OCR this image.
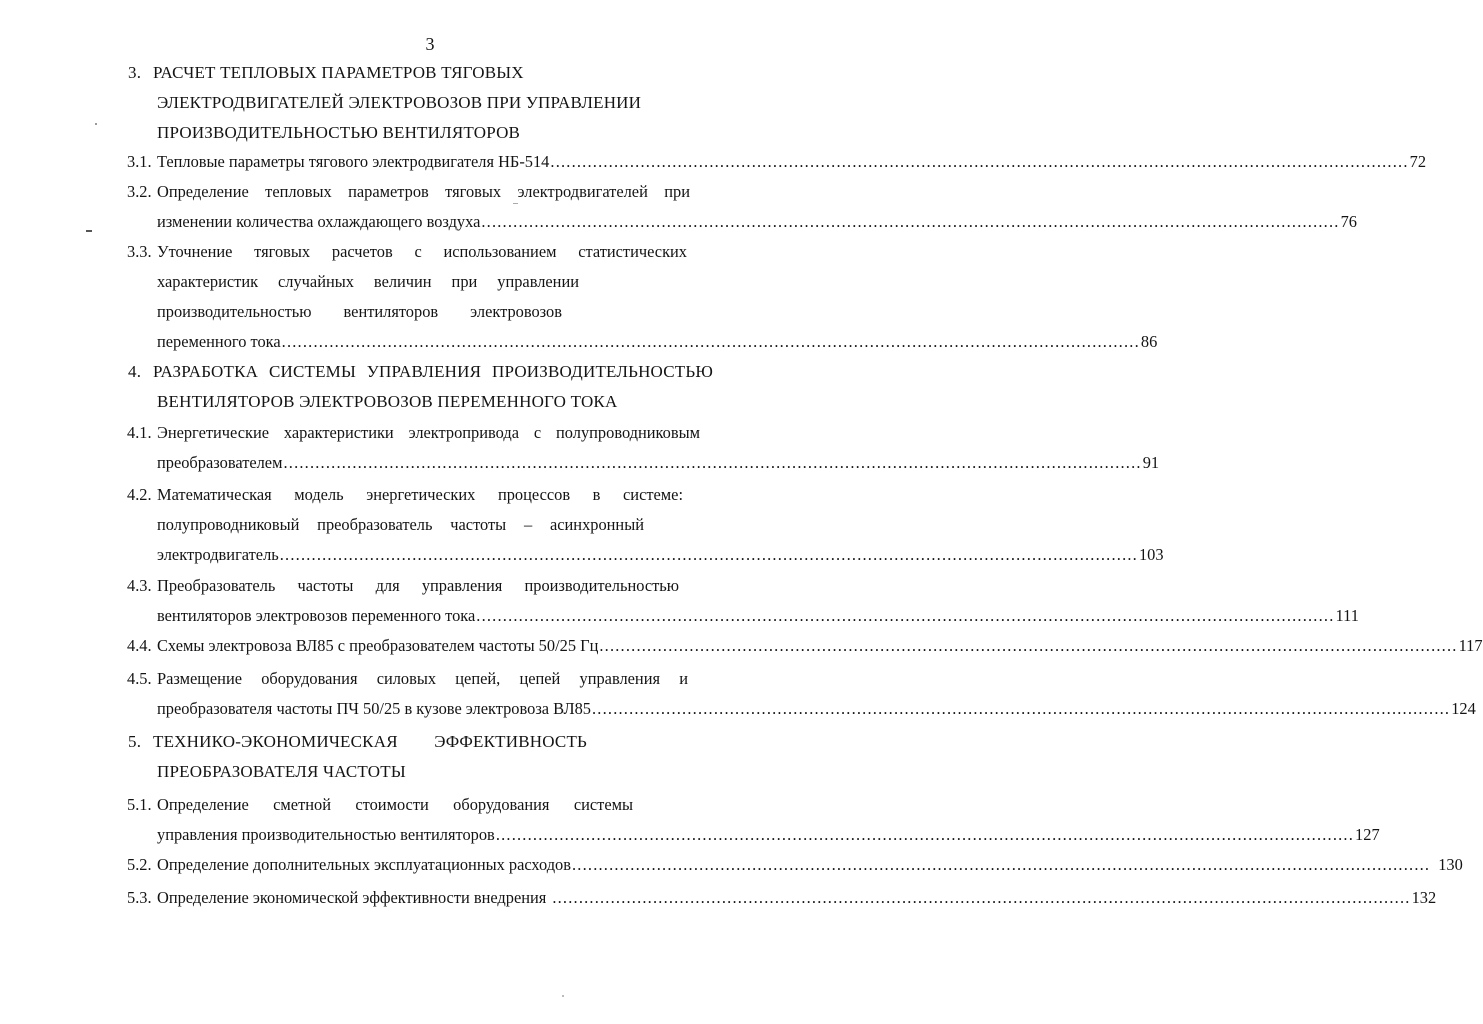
3
3. РАСЧЕТ ТЕПЛОВЫХ ПАРАМЕТРОВ ТЯГОВЫХ
ЭЛЕКТРОДВИГАТЕЛЕЙ ЭЛЕКТРОВОЗОВ ПРИ УПРАВЛЕНИИ
ПРОИЗВОДИТЕЛЬНОСТЬЮ ВЕНТИЛЯТОРОВ
3.1. Тепловые параметры тягового электродвигателя НБ-514 .................................................................................................................................................................. 72
3.2. Определение тепловых параметров тяговых электродвигателей при
изменении количества охлаждающего воздуха .................................................................................................................................................................. 76
3.3. Уточнение тяговых расчетов с использованием статистических
характеристик случайных величин при управлении
производительностью вентиляторов электровозов
переменного тока .................................................................................................................................................................. 86
4. РАЗРАБОТКА СИСТЕМЫ УПРАВЛЕНИЯ ПРОИЗВОДИТЕЛЬНОСТЬЮ
ВЕНТИЛЯТОРОВ ЭЛЕКТРОВОЗОВ ПЕРЕМЕННОГО ТОКА
4.1. Энергетические характеристики электропривода с полупроводниковым
преобразователем .................................................................................................................................................................. 91
4.2. Математическая модель энергетических процессов в системе:
полупроводниковый преобразователь частоты – асинхронный
электродвигатель .................................................................................................................................................................. 103
4.3. Преобразователь частоты для управления производительностью
вентиляторов электровозов переменного тока .................................................................................................................................................................. 111
4.4. Схемы электровоза ВЛ85 с преобразователем частоты 50/25 Гц .................................................................................................................................................................. 117
4.5. Размещение оборудования силовых цепей, цепей управления и
преобразователя частоты ПЧ 50/25 в кузове электровоза ВЛ85 .................................................................................................................................................................. 124
5. ТЕХНИКО-ЭКОНОМИЧЕСКАЯ ЭФФЕКТИВНОСТЬ
ПРЕОБРАЗОВАТЕЛЯ ЧАСТОТЫ
5.1. Определение сметной стоимости оборудования системы
управления производительностью вентиляторов .................................................................................................................................................................. 127
5.2. Определение дополнительных эксплуатационных расходов .................................................................................................................................................................. 130
5.3. Определение экономической эффективности внедрения .................................................................................................................................................................. 132
